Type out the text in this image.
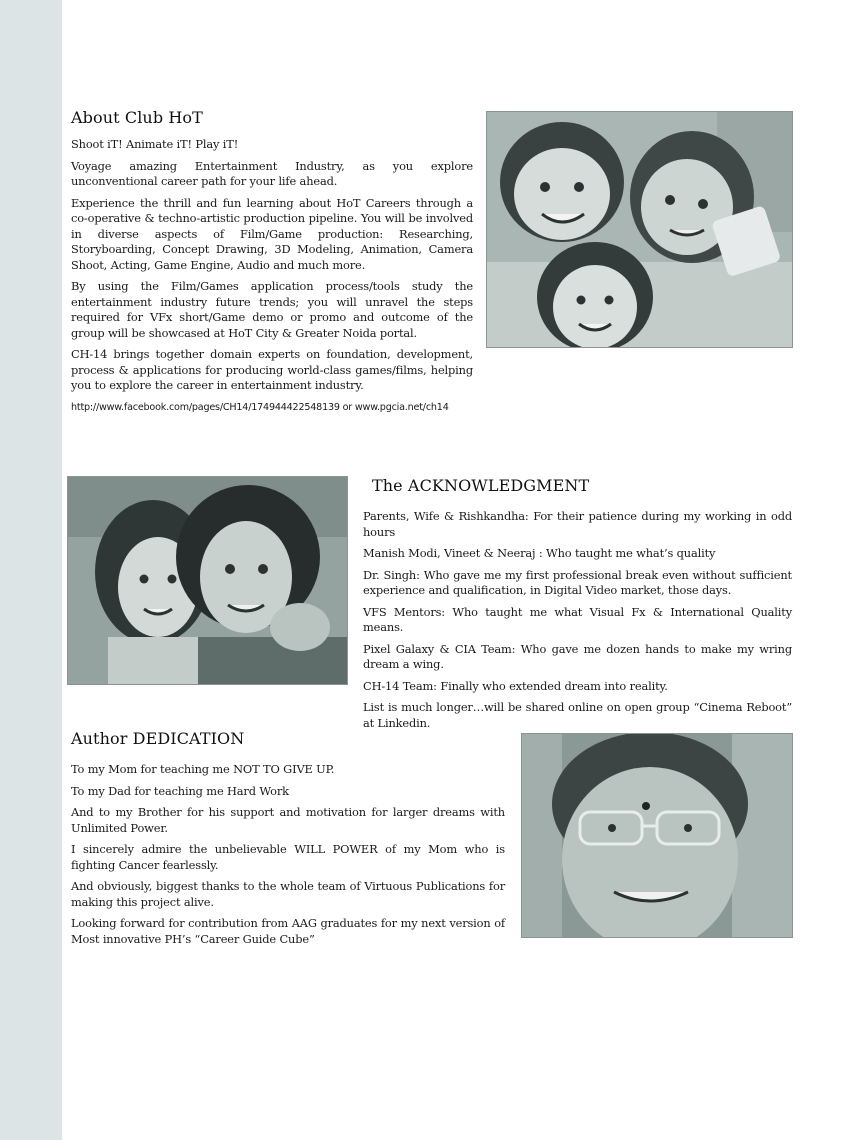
About Club HoT

Shoot iT! Animate iT! Play iT!

Voyage amazing Entertainment Industry, as you explore unconventional career path for your life ahead.

Experience the thrill and fun learning about HoT Careers through a co-operative & techno-artistic production pipeline. You will be involved in diverse aspects of Film/Game production: Researching, Storyboarding, Concept Drawing, 3D Modeling, Animation, Camera Shoot, Acting, Game Engine, Audio and much more.

By using the Film/Games application process/tools study the entertainment industry future trends; you will unravel the steps required for VFx short/Game demo or promo and outcome of the group will be showcased at HoT City & Greater Noida portal.

CH-14 brings together domain experts on foundation, development, process & applications for producing world-class games/films, helping you to explore the career in entertainment industry.

http://www.facebook.com/pages/CH14/174944422548139 or www.pgcia.net/ch14

The ACKNOWLEDGMENT

Parents, Wife & Rishkandha: For their patience during my working in odd hours

Manish Modi, Vineet & Neeraj : Who taught me what’s quality

Dr. Singh: Who gave me my first professional break even without sufficient experience and qualification, in Digital Video market, those days.

VFS Mentors: Who taught me what Visual Fx & International Quality means.

Pixel Galaxy & CIA Team: Who gave me dozen hands to make my wring dream a wing.

CH-14 Team: Finally who extended dream into reality.

List is much longer…will be shared online on open group “Cinema Reboot” at Linkedin.

Author DEDICATION

To my Mom for teaching me NOT TO GIVE UP.

To my Dad for teaching me Hard Work

And to my Brother for his support and motivation for larger dreams with Unlimited Power.

I sincerely admire the unbelievable WILL POWER of my Mom who is fighting Cancer fearlessly.

And obviously, biggest thanks to the whole team of Virtuous Publications for making this project alive.

Looking forward for contribution from AAG graduates for my next version of Most innovative PH’s “Career Guide Cube”
